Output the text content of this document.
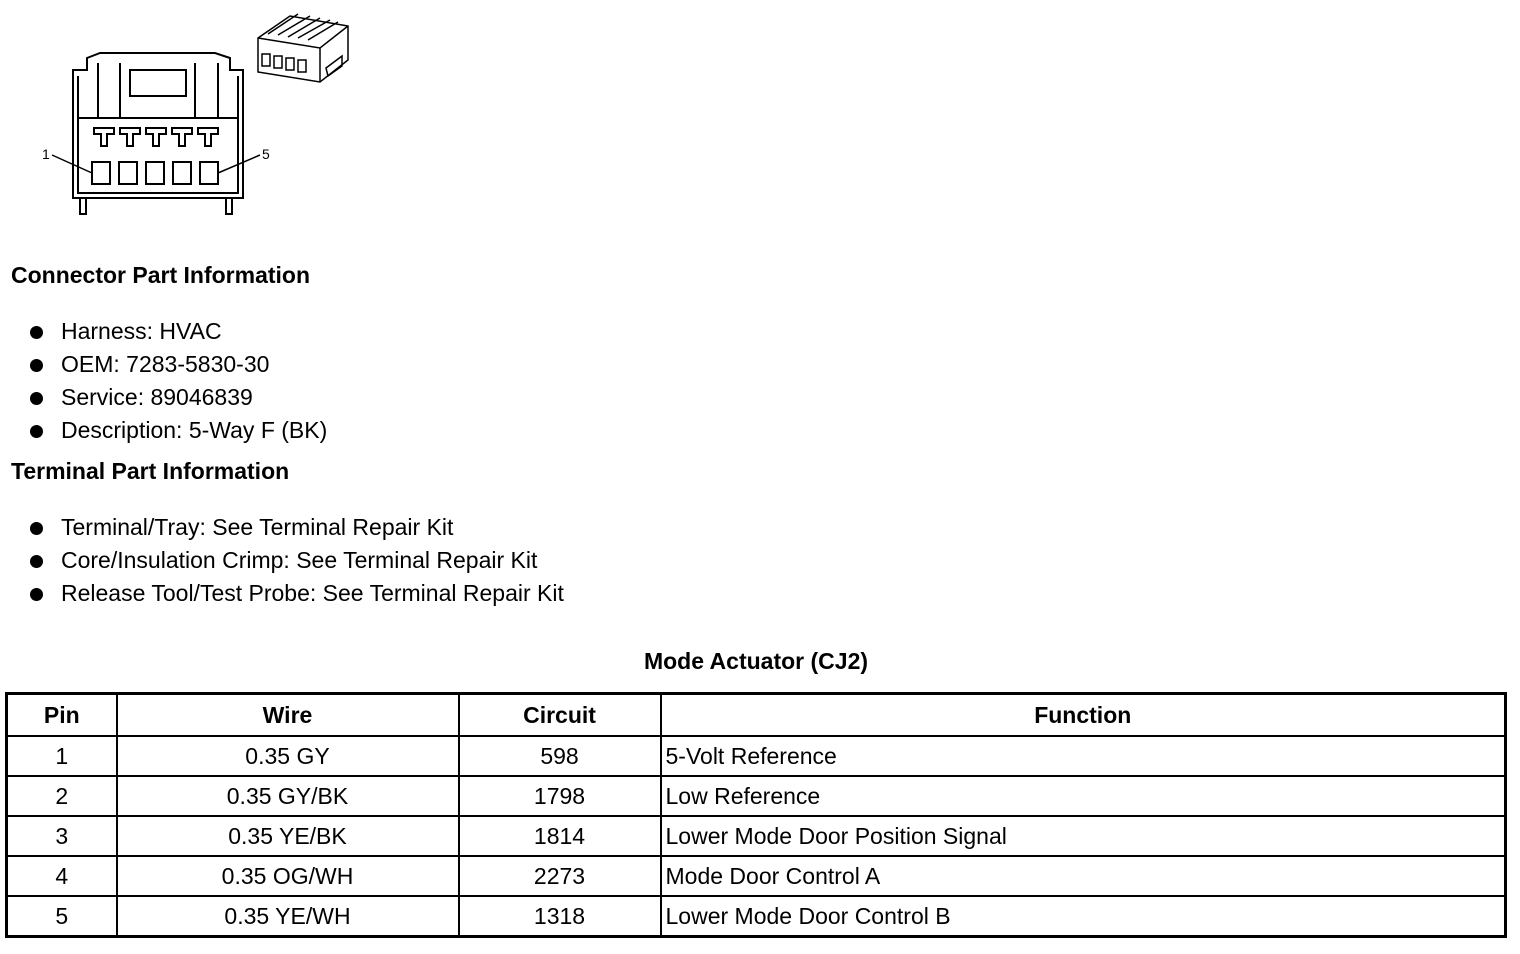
1	5
Connector Part Information
Harness: HVAC
OEM: 7283-5830-30
Service: 89046839
Description: 5-Way F (BK)
Terminal Part Information
Terminal/Tray: See Terminal Repair Kit
Core/Insulation Crimp: See Terminal Repair Kit
Release Tool/Test Probe: See Terminal Repair Kit
Mode Actuator (CJ2)
Pin	Wire	Circuit	Function
1	0.35 GY	598	5-Volt Reference
2	0.35 GY/BK	1798	Low Reference
3	0.35 YE/BK	1814	Lower Mode Door Position Signal
4	0.35 OG/WH	2273	Mode Door Control A
5	0.35 YE/WH	1318	Lower Mode Door Control B
